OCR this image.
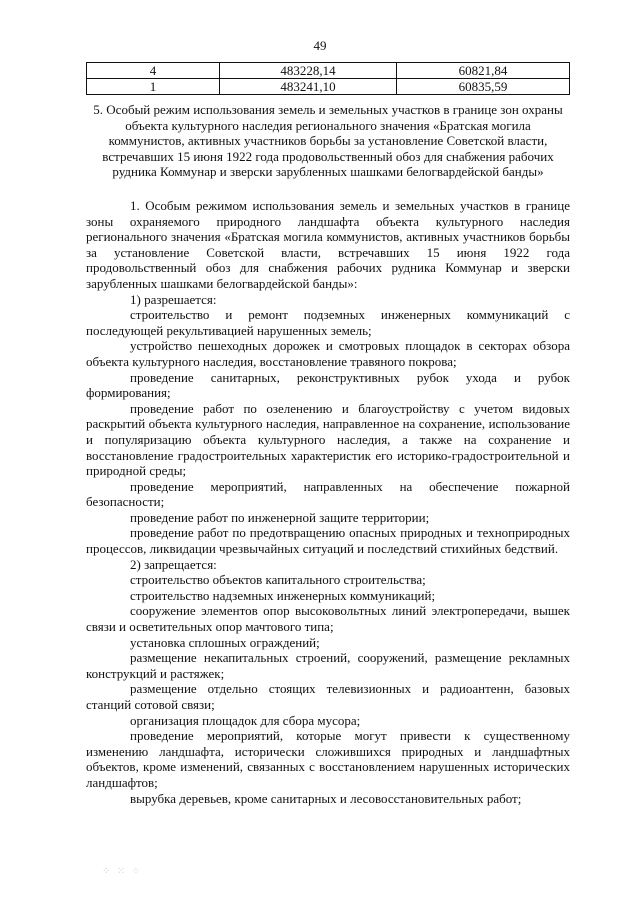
49
4	483228,14	60821,84
1	483241,10	60835,59
5. Особый режим использования земель и земельных участков в границе зон охраны объекта культурного наследия регионального значения «Братская могила коммунистов, активных участников борьбы за установление Советской власти, встречавших 15 июня 1922 года продовольственный обоз для снабжения рабочих рудника Коммунар и зверски зарубленных шашками белогвардейской банды»

1. Особым режимом использования земель и земельных участков в границе зоны охраняемого природного ландшафта объекта культурного наследия регионального значения «Братская могила коммунистов, активных участников борьбы за установление Советской власти, встречавших 15 июня 1922 года продовольственный обоз для снабжения рабочих рудника Коммунар и зверски зарубленных шашками белогвардейской банды»:

1) разрешается:

строительство и ремонт подземных инженерных коммуникаций с последующей рекультивацией нарушенных земель;

устройство пешеходных дорожек и смотровых площадок в секторах обзора объекта культурного наследия, восстановление травяного покрова;

проведение санитарных, реконструктивных рубок ухода и рубок формирования;

проведение работ по озеленению и благоустройству с учетом видовых раскрытий объекта культурного наследия, направленное на сохранение, использование и популяризацию объекта культурного наследия, а также на сохранение и восстановление градостроительных характеристик его историко-градостроительной и природной среды;

проведение мероприятий, направленных на обеспечение пожарной безопасности;

проведение работ по инженерной защите территории;

проведение работ по предотвращению опасных природных и техноприродных процессов, ликвидации чрезвычайных ситуаций и последствий стихийных бедствий.

2) запрещается:

строительство объектов капитального строительства;

строительство надземных инженерных коммуникаций;

сооружение элементов опор высоковольтных линий электропередачи, вышек связи и осветительных опор мачтового типа;

установка сплошных ограждений;

размещение некапитальных строений, сооружений, размещение рекламных конструкций и растяжек;

размещение отдельно стоящих телевизионных и радиоантенн, базовых станций сотовой связи;

организация площадок для сбора мусора;

проведение мероприятий, которые могут привести к существенному изменению ландшафта, исторически сложившихся природных и ландшафтных объектов, кроме изменений, связанных с восстановлением нарушенных исторических ландшафтов;

вырубка деревьев, кроме санитарных и лесовосстановительных работ;

⁘ ⁙ ⁘
